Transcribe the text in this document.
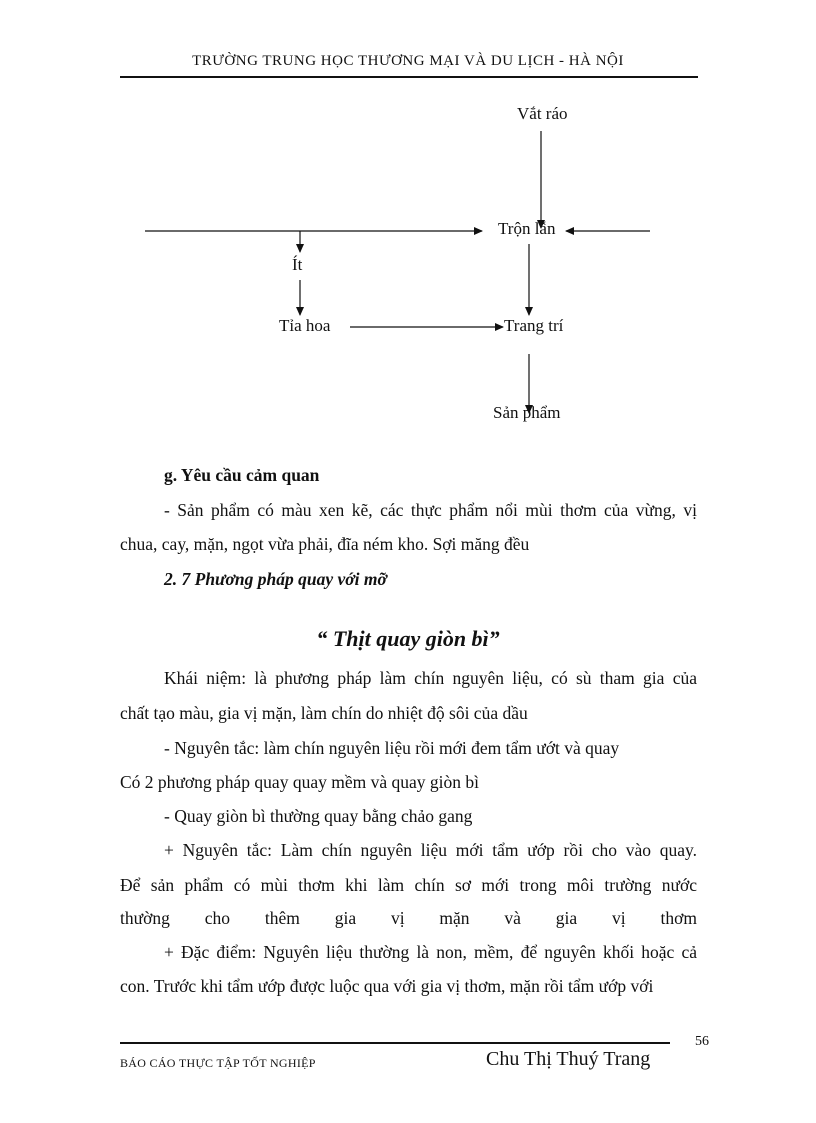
TRƯỜNG TRUNG HỌC THƯƠNG MẠI VÀ DU LỊCH - HÀ NỘI
Vắt ráo
Trộn lẫn
Ít
Tỉa hoa	Trang trí
Sản phẩm
g. Yêu cầu cảm quan
- Sản phẩm có màu xen kẽ, các thực phẩm nổi mùi thơm của vừng, vị
chua, cay, mặn, ngọt vừa phải, đĩa ném kho. Sợi măng đều
2. 7 Phương pháp quay với mỡ
“ Thịt quay giòn bì”
Khái niệm: là phương pháp làm chín nguyên liệu, có sù tham gia của
chất tạo màu, gia vị mặn, làm chín do nhiệt độ sôi của dầu
- Nguyên tắc: làm chín nguyên liệu rồi mới đem tẩm ướt và quay
Có 2 phương pháp quay quay mềm và quay giòn bì
- Quay giòn bì thường quay bằng chảo gang
+ Nguyên tắc: Làm chín nguyên liệu mới tẩm ướp rồi cho vào quay.
Để sản phẩm có mùi thơm khi làm chín sơ mới trong môi trường nước
thường cho thêm gia vị mặn và gia vị thơm
+ Đặc điểm: Nguyên liệu thường là non, mềm, để nguyên khối hoặc cả
con. Trước khi tẩm ướp được luộc qua với gia vị thơm, mặn rồi tẩm ướp với
56
BÁO CÁO THỰC TẬP TỐT NGHIỆP	Chu Thị Thuý Trang
